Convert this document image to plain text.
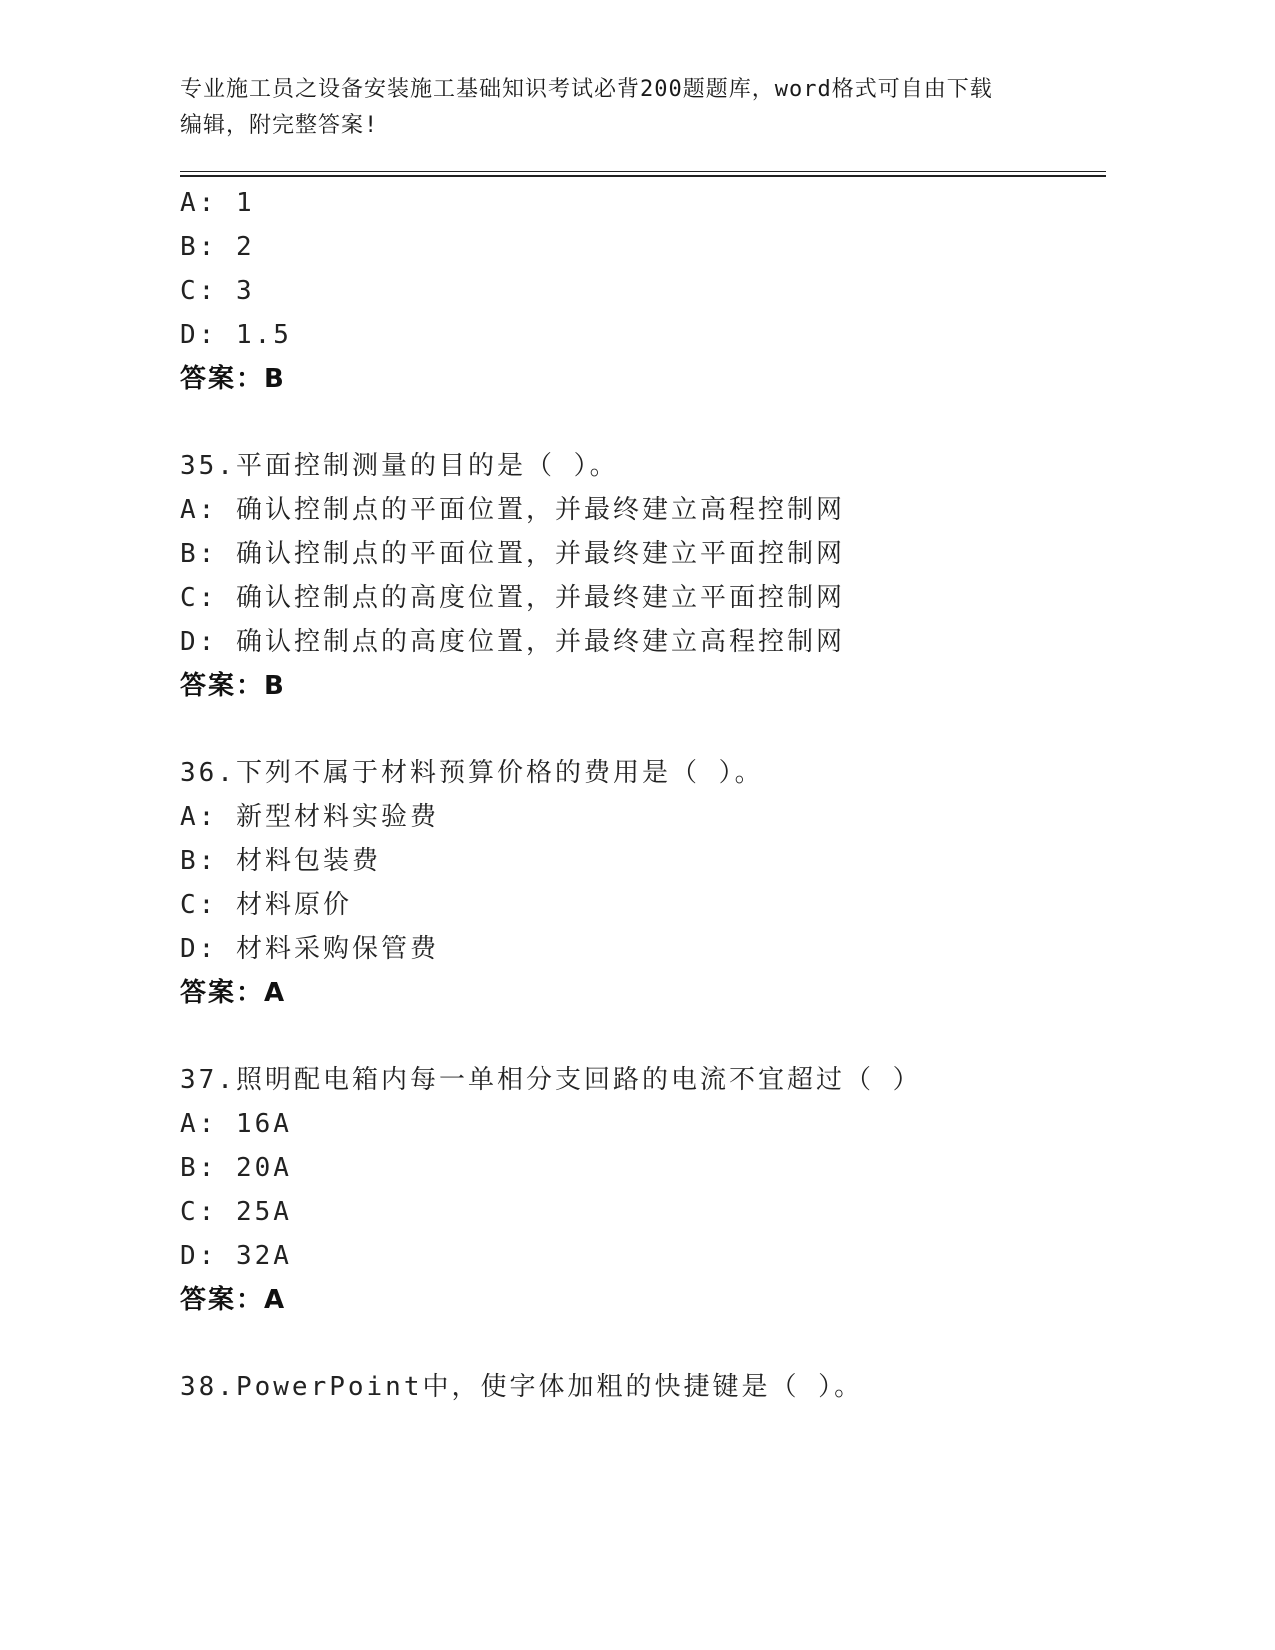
专业施工员之设备安装施工基础知识考试必背200题题库，word格式可自由下载
编辑，附完整答案!
A: 1
B: 2
C: 3
D: 1.5
答案：B
35.平面控制测量的目的是（ ）。
A: 确认控制点的平面位置，并最终建立高程控制网
B: 确认控制点的平面位置，并最终建立平面控制网
C: 确认控制点的高度位置，并最终建立平面控制网
D: 确认控制点的高度位置，并最终建立高程控制网
答案：B
36.下列不属于材料预算价格的费用是（ ）。
A: 新型材料实验费
B: 材料包装费
C: 材料原价
D: 材料采购保管费
答案：A
37.照明配电箱内每一单相分支回路的电流不宜超过（ ）
A: 16A
B: 20A
C: 25A
D: 32A
答案：A
38.PowerPoint中，使字体加粗的快捷键是（ ）。
